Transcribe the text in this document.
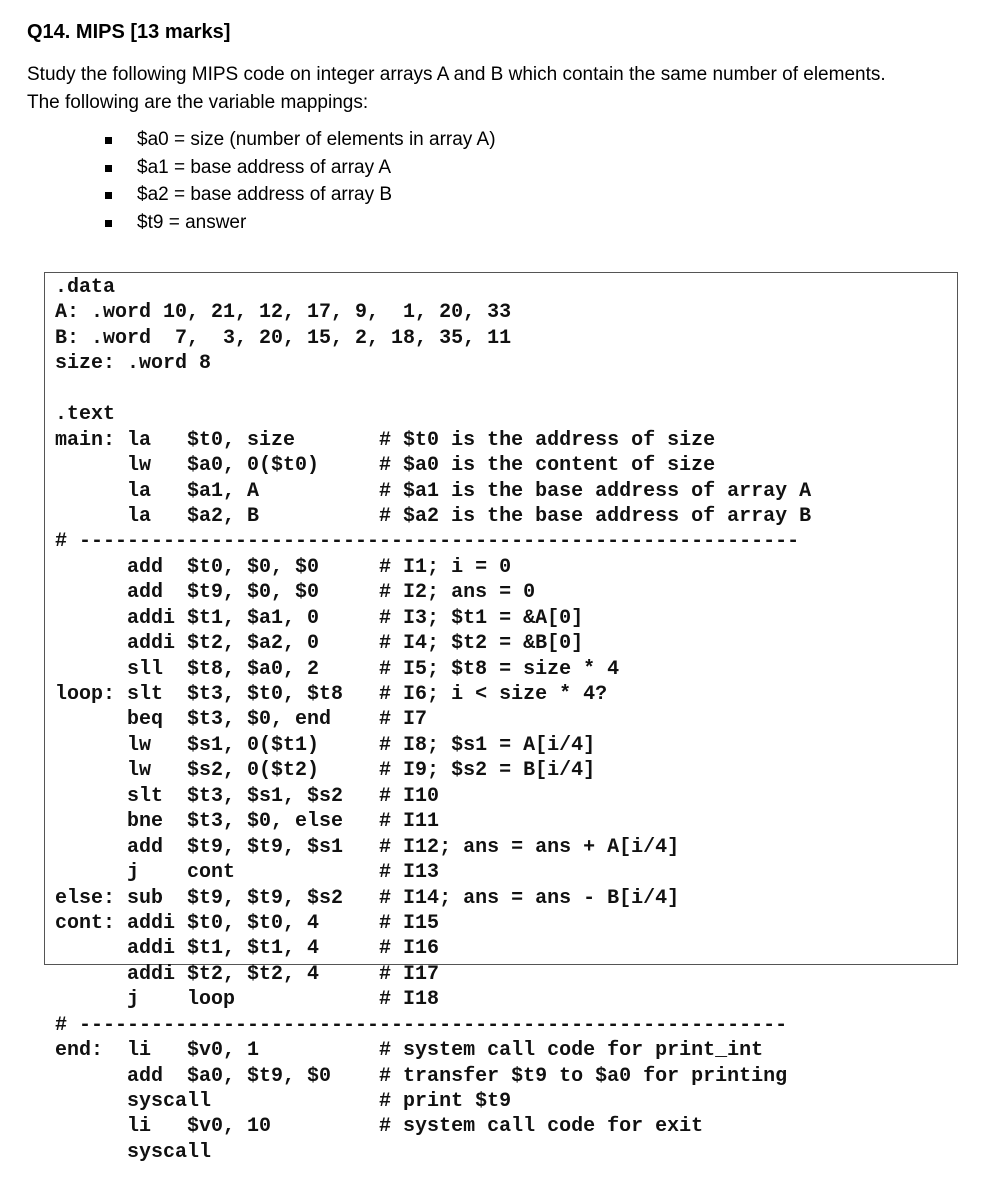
Q14. MIPS [13 marks]

Study the following MIPS code on integer arrays A and B which contain the same number of elements.

The following are the variable mappings:

$a0 = size (number of elements in array A)
$a1 = base address of array A
$a2 = base address of array B
$t9 = answer
.data
A: .word 10, 21, 12, 17, 9,  1, 20, 33
B: .word  7,  3, 20, 15, 2, 18, 35, 11
size: .word 8
.text
main: la   $t0, size       # $t0 is the address of size
lw   $a0, 0($t0)     # $a0 is the content of size
la   $a1, A          # $a1 is the base address of array A
la   $a2, B          # $a2 is the base address of array B
# ------------------------------------------------------------
add  $t0, $0, $0     # I1; i = 0
add  $t9, $0, $0     # I2; ans = 0
addi $t1, $a1, 0     # I3; $t1 = &A[0]
addi $t2, $a2, 0     # I4; $t2 = &B[0]
sll  $t8, $a0, 2     # I5; $t8 = size * 4
loop: slt  $t3, $t0, $t8   # I6; i < size * 4?
beq  $t3, $0, end    # I7
lw   $s1, 0($t1)     # I8; $s1 = A[i/4]
lw   $s2, 0($t2)     # I9; $s2 = B[i/4]
slt  $t3, $s1, $s2   # I10
bne  $t3, $0, else   # I11
add  $t9, $t9, $s1   # I12; ans = ans + A[i/4]
j    cont            # I13
else: sub  $t9, $t9, $s2   # I14; ans = ans - B[i/4]
cont: addi $t0, $t0, 4     # I15
addi $t1, $t1, 4     # I16
addi $t2, $t2, 4     # I17
j    loop            # I18
# -----------------------------------------------------------
end:  li   $v0, 1          # system call code for print_int
add  $a0, $t9, $0    # transfer $t9 to $a0 for printing
syscall              # print $t9
li   $v0, 10         # system call code for exit
syscall
